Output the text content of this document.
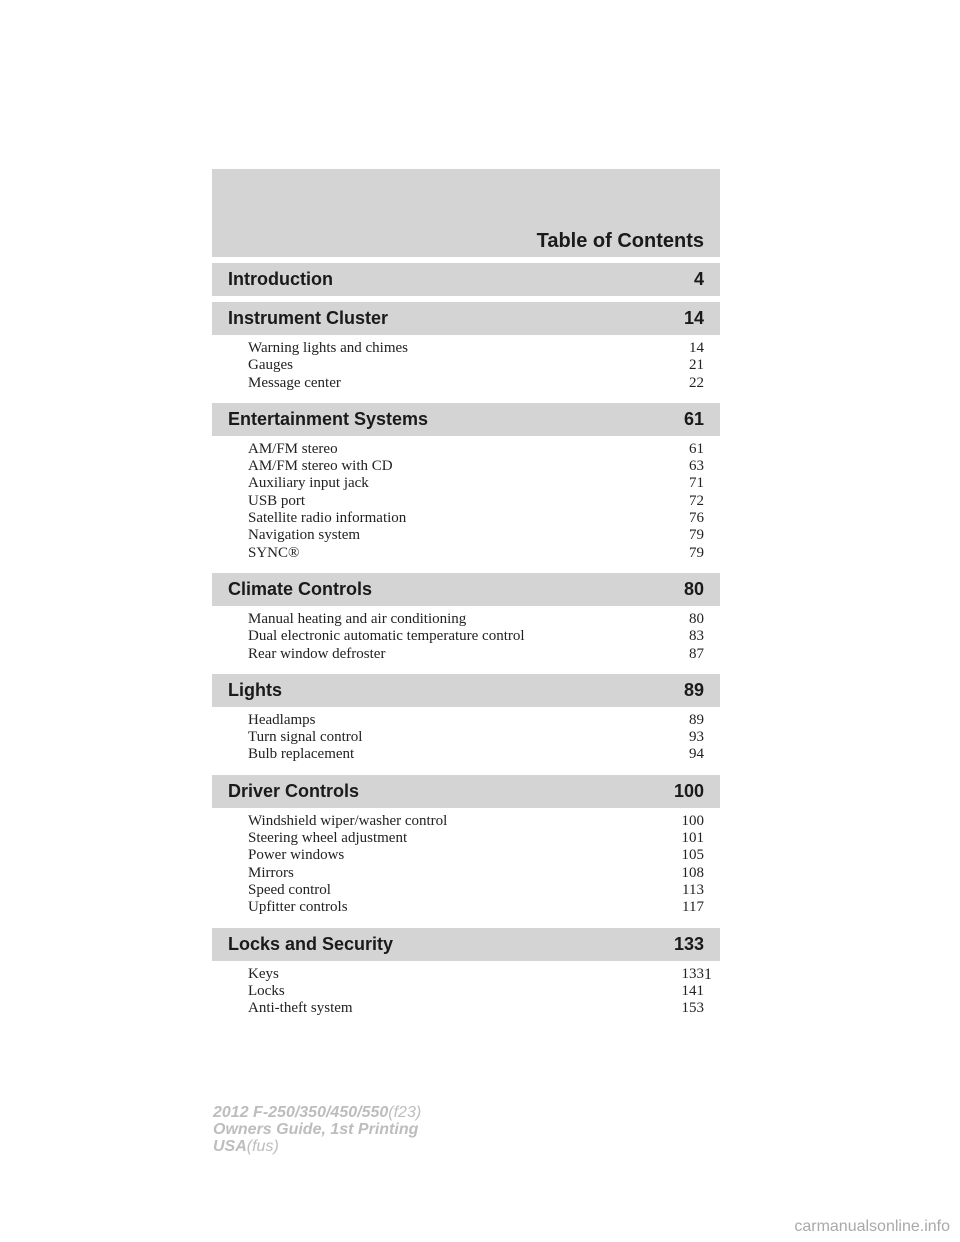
Table of Contents
Introduction	4
Instrument Cluster	14
Warning lights and chimes	14
Gauges	21
Message center	22
Entertainment Systems	61
AM/FM stereo	61
AM/FM stereo with CD	63
Auxiliary input jack	71
USB port	72
Satellite radio information	76
Navigation system	79
SYNC®	79
Climate Controls	80
Manual heating and air conditioning	80
Dual electronic automatic temperature control	83
Rear window defroster	87
Lights	89
Headlamps	89
Turn signal control	93
Bulb replacement	94
Driver Controls	100
Windshield wiper/washer control	100
Steering wheel adjustment	101
Power windows	105
Mirrors	108
Speed control	113
Upfitter controls	117
Locks and Security	133
Keys	133
Locks	141
Anti-theft system	153
1
2012 F-250/350/450/550(f23)
Owners Guide, 1st Printing
USA(fus)
carmanualsonline.info
